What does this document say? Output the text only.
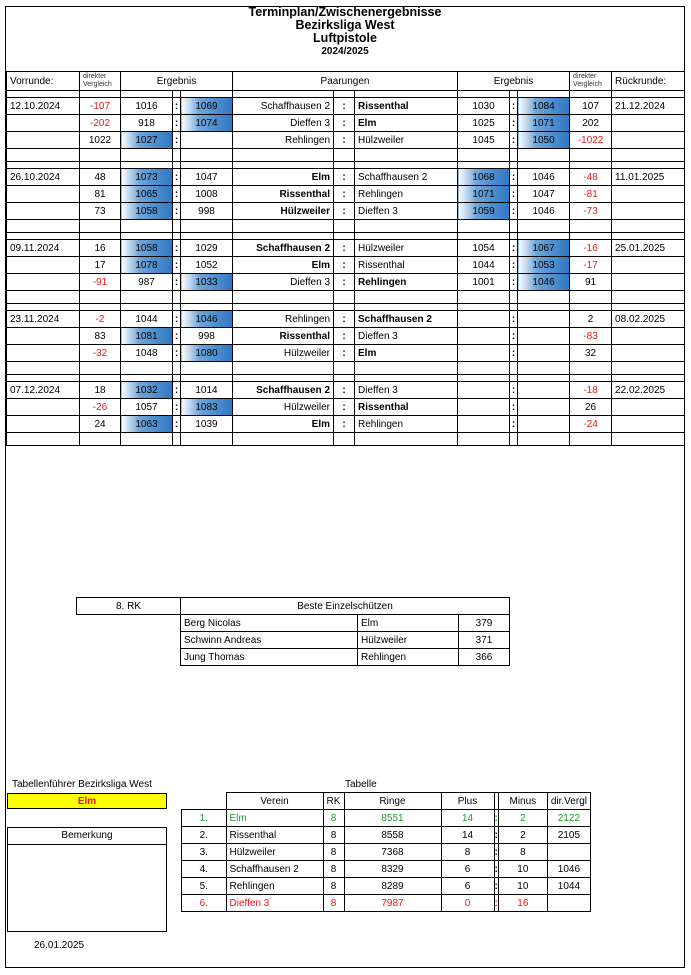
Terminplan/Zwischenergebnisse
Bezirksliga West
Luftpistole
2024/2025
Vorrunde:	direkter
Vergleich	Ergebnis			Paarungen			Ergebnis			direkter
Vergleich	Rückrunde:

12.10.2024	-107	1016	:	1069	Schaffhausen 2	:	Rissenthal	1030	:	1084	107	21.12.2024
	-202	918	:	1074	Dieffen 3	:	Elm	1025	:	1071	202	
	1022	1027	:		Rehlingen	:	Hülzweiler	1045	:	1050	-1022	

26.10.2024	48	1073	:	1047	Elm	:	Schaffhausen 2	1068	:	1046	-48	11.01.2025
	81	1065	:	1008	Rissenthal	:	Rehlingen	1071	:	1047	-81	
	73	1058	:	998	Hülzweiler	:	Dieffen 3	1059	:	1046	-73	

09.11.2024	16	1058	:	1029	Schaffhausen 2	:	Hülzweiler	1054	:	1067	-16	25.01.2025
	17	1078	:	1052	Elm	:	Rissenthal	1044	:	1053	-17	
	-91	987	:	1033	Dieffen 3	:	Rehlingen	1001	:	1046	91	

23.11.2024	-2	1044	:	1046	Rehlingen	:	Schaffhausen 2		:		2	08.02.2025
	83	1081	:	998	Rissenthal	:	Dieffen 3		:		-83	
	-32	1048	:	1080	Hülzweiler	:	Elm		:		32	

07.12.2024	18	1032	:	1014	Schaffhausen 2	:	Dieffen 3		:		-18	22.02.2025
	-26	1057	:	1083	Hülzweiler	:	Rissenthal		:		26	
	24	1063	:	1039	Elm	:	Rehlingen		:		-24	

8. RK	Beste Einzelschützen		
	Berg Nicolas	Elm	379
	Schwinn Andreas	Hülzweiler	371
	Jung Thomas	Rehlingen	366
Tabellenführer Bezirksliga West
Elm
Bemerkung
Tabelle
	Verein	RK	Ringe	Plus		Minus	dir.Vergl
1.	Elm	8	8551	14	:	2	2122
2.	Rissenthal	8	8558	14	:	2	2105
3.	Hülzweiler	8	7368	8	:	8	
4.	Schaffhausen 2	8	8329	6	:	10	1046
5.	Rehlingen	8	8289	6	:	10	1044
6.	Dieffen 3	8	7987	0	:	16	
26.01.2025
